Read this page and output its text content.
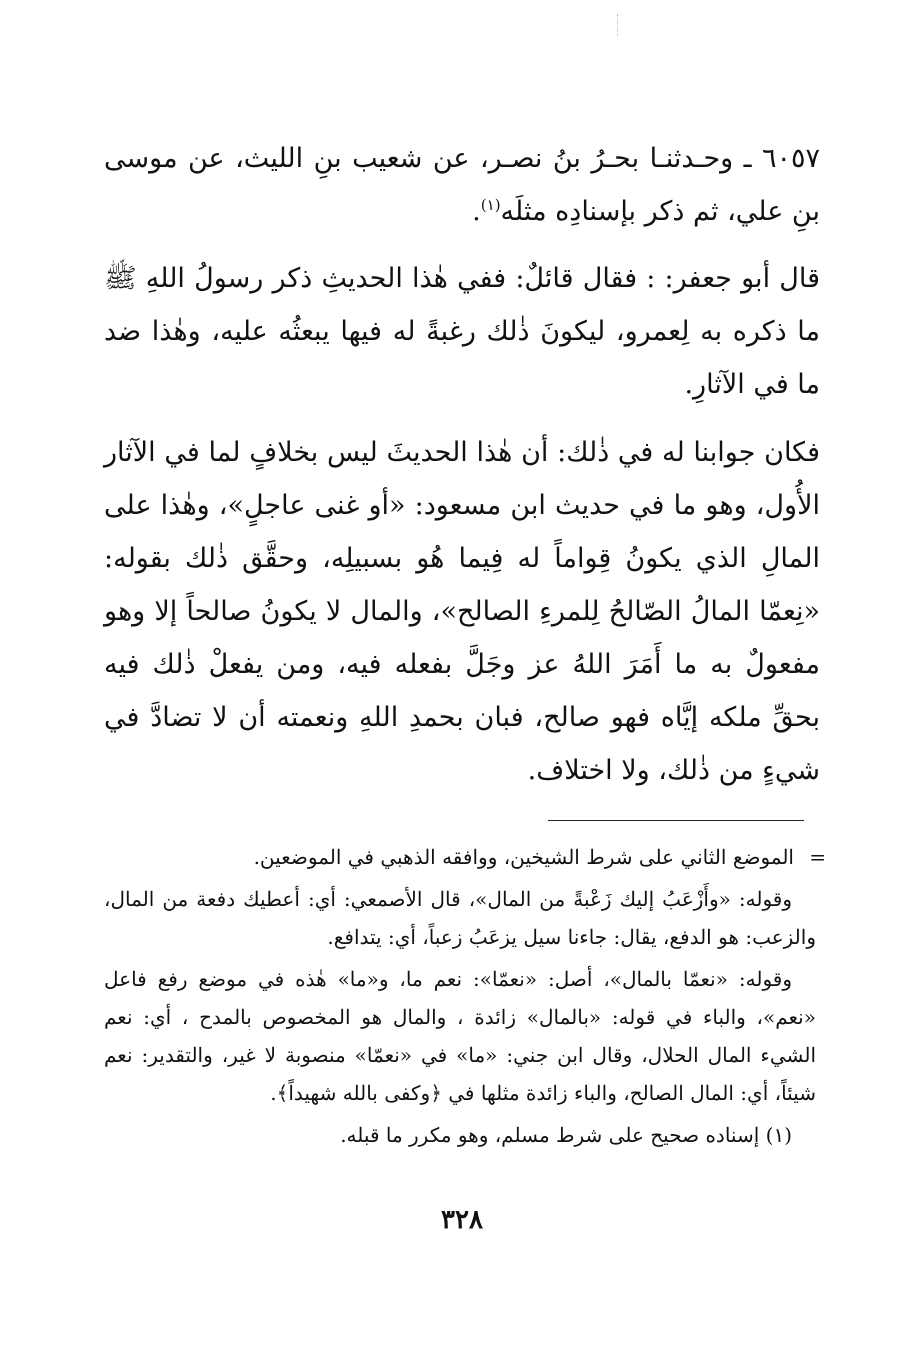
٦٠٥٧ ـ وحـدثنـا بحـرُ بنُ نصـر، عن شعيب بنِ الليث، عن موسى بنِ علي، ثم ذكر بإسنادِه مثلَه$^{(١)}$.

قال أبو جعفر: : فقال قائلٌ: ففي هٰذا الحديثِ ذكر رسولُ اللهِ ﷺ ما ذكره به لِعمرو، ليكونَ ذٰلك رغبةً له فيها يبعثُه عليه، وهٰذا ضد ما في الآثارِ.

فكان جوابنا له في ذٰلك: أن هٰذا الحديثَ ليس بخلافٍ لما في الآثار الأُول، وهو ما في حديث ابن مسعود: «أو غنى عاجلٍ»، وهٰذا على المالِ الذي يكونُ قِواماً له فِيما هُو بسبيلِه، وحقَّق ذٰلك بقوله: «نِعمّا المالُ الصّالحُ لِلمرءِ الصالح»، والمال لا يكونُ صالحاً إلا وهو مفعولٌ به ما أَمَرَ اللهُ عز وجَلَّ بفعله فيه، ومن يفعلْ ذٰلك فيه بحقِّ ملكه إيَّاه فهو صالح، فبان بحمدِ اللهِ ونعمته أن لا تضادَّ في شيءٍ من ذٰلك، ولا اختلاف.

=

الموضع الثاني على شرط الشيخين، ووافقه الذهبي في الموضعين.

وقوله: «وأَزْعَبُ إليك زَعْبةً من المال»، قال الأصمعي: أي: أعطيك دفعة من المال، والزعب: هو الدفع، يقال: جاءنا سيل يزعَبُ زعباً، أي: يتدافع.

وقوله: «نعمّا بالمال»، أصل: «نعمّا»: نعم ما، و«ما» هٰذه في موضع رفع فاعل «نعم»، والباء في قوله: «بالمال» زائدة ، والمال هو المخصوص بالمدح ، أي: نعم الشيء المال الحلال، وقال ابن جني: «ما» في «نعمّا» منصوبة لا غير، والتقدير: نعم شيئاً، أي: المال الصالح، والباء زائدة مثلها في ﴿وكفى بالله شهيداً﴾.

(١) إسناده صحيح على شرط مسلم، وهو مكرر ما قبله.

٣٢٨
